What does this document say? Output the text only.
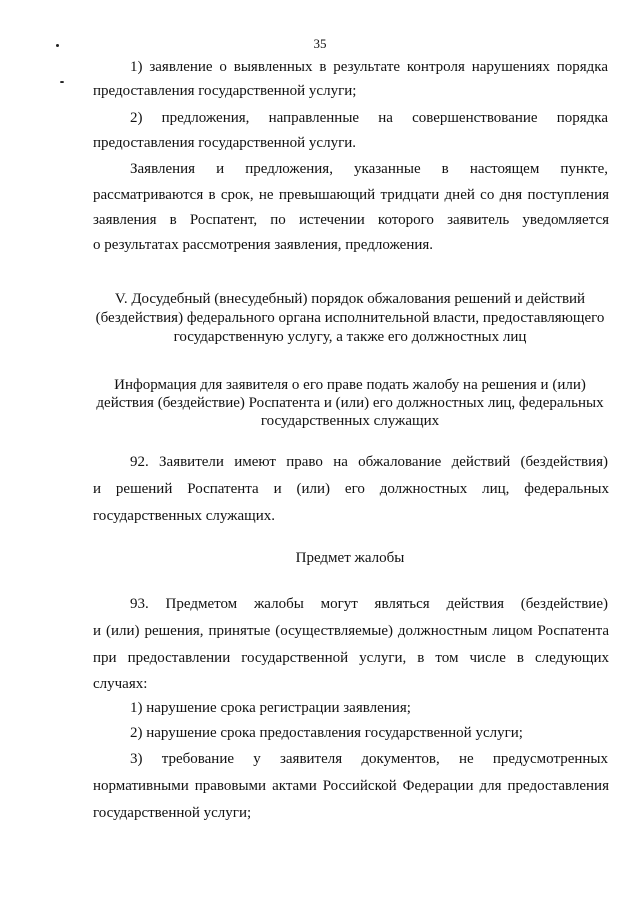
35
1) заявление о выявленных в результате контроля нарушениях порядка
предоставления государственной услуги;
2) предложения, направленные на совершенствование порядка
предоставления государственной услуги.
Заявления и предложения, указанные в настоящем пункте,
рассматриваются в срок, не превышающий тридцати дней со дня поступления
заявления в Роспатент, по истечении которого заявитель уведомляется
о результатах рассмотрения заявления, предложения.
V. Досудебный (внесудебный) порядок обжалования решений и действий
(бездействия) федерального органа исполнительной власти, предоставляющего
государственную услугу, а также его должностных лиц
Информация для заявителя о его праве подать жалобу на решения и (или)
действия (бездействие) Роспатента и (или) его должностных лиц, федеральных
государственных служащих
92. Заявители имеют право на обжалование действий (бездействия)
и решений Роспатента и (или) его должностных лиц, федеральных
государственных служащих.
Предмет жалобы
93. Предметом жалобы могут являться действия (бездействие)
и (или) решения, принятые (осуществляемые) должностным лицом Роспатента
при предоставлении государственной услуги, в том числе в следующих
случаях:
1) нарушение срока регистрации заявления;
2) нарушение срока предоставления государственной услуги;
3) требование у заявителя документов, не предусмотренных
нормативными правовыми актами Российской Федерации для предоставления
государственной услуги;
